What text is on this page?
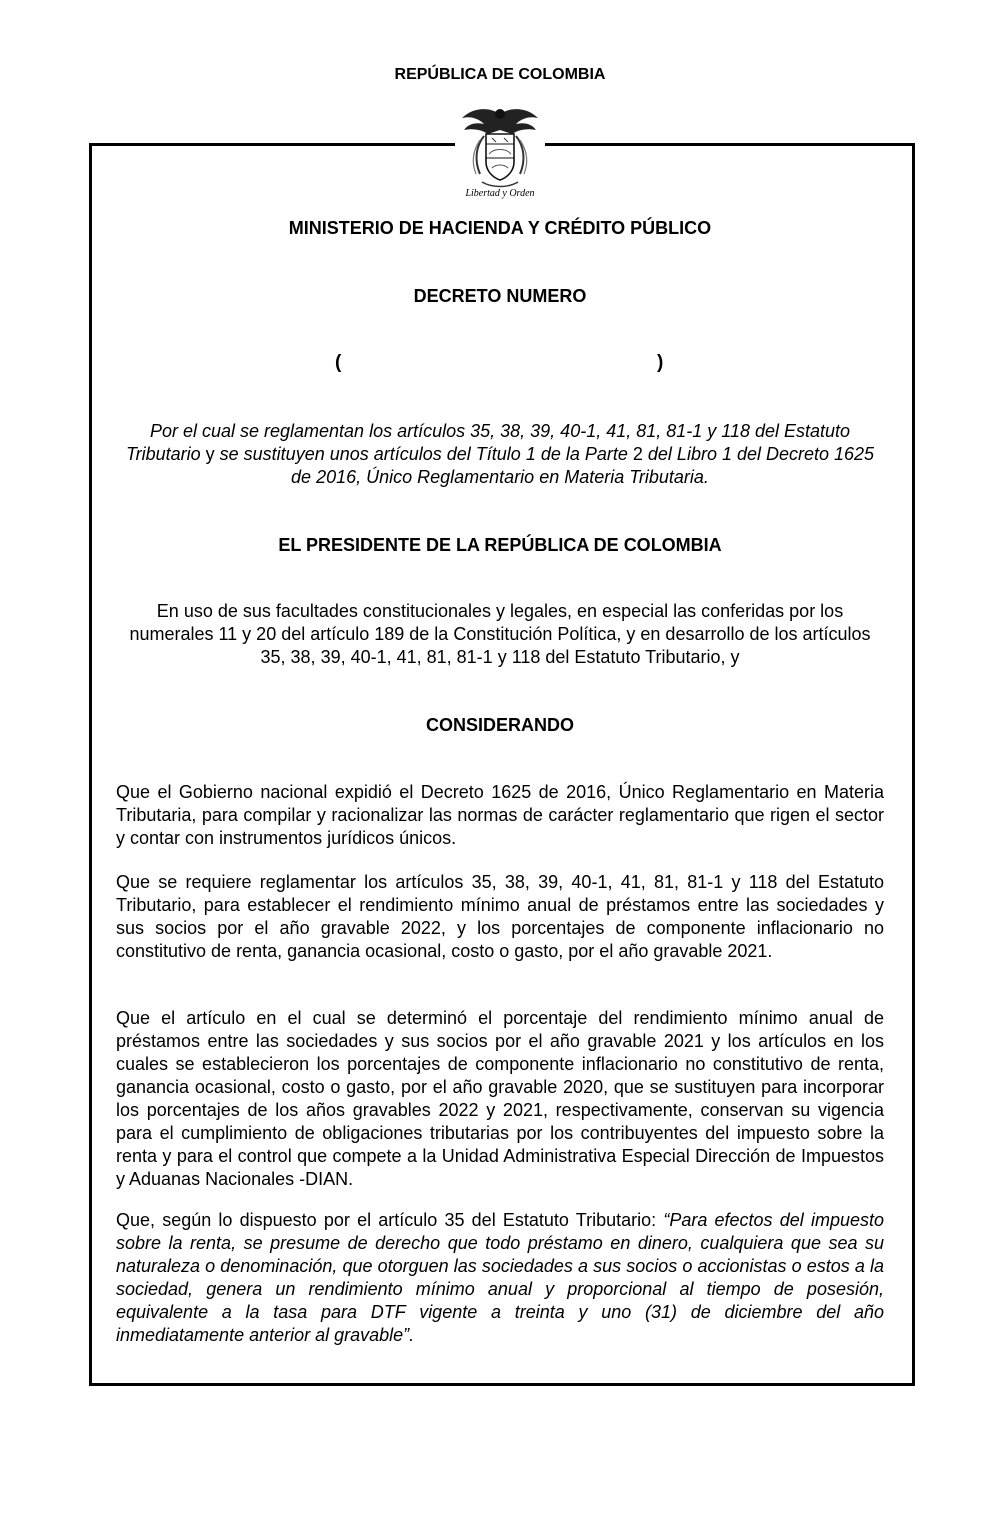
REPÚBLICA DE COLOMBIA
Libertad y Orden
MINISTERIO DE HACIENDA Y CRÉDITO PÚBLICO
DECRETO NUMERO
(	)
Por el cual se reglamentan los artículos 35, 38, 39, 40-1, 41, 81, 81-1 y 118 del Estatuto Tributario y se sustituyen unos artículos del Título 1 de la Parte 2 del Libro 1 del Decreto 1625 de 2016, Único Reglamentario en Materia Tributaria.
EL PRESIDENTE DE LA REPÚBLICA DE COLOMBIA
En uso de sus facultades constitucionales y legales, en especial las conferidas por los numerales 11 y 20 del artículo 189 de la Constitución Política, y en desarrollo de los artículos 35, 38, 39, 40-1, 41, 81, 81-1 y 118 del Estatuto Tributario, y
CONSIDERANDO

Que el Gobierno nacional expidió el Decreto 1625 de 2016, Único Reglamentario en Materia Tributaria, para compilar y racionalizar las normas de carácter reglamentario que rigen el sector y contar con instrumentos jurídicos únicos.

Que se requiere reglamentar los artículos 35, 38, 39, 40-1, 41, 81, 81-1 y 118 del Estatuto Tributario, para establecer el rendimiento mínimo anual de préstamos entre las sociedades y sus socios por el año gravable 2022, y los porcentajes de componente inflacionario no constitutivo de renta, ganancia ocasional, costo o gasto, por el año gravable 2021.

Que el artículo en el cual se determinó el porcentaje del rendimiento mínimo anual de préstamos entre las sociedades y sus socios por el año gravable 2021 y los artículos en los cuales se establecieron los porcentajes de componente inflacionario no constitutivo de renta, ganancia ocasional, costo o gasto, por el año gravable 2020, que se sustituyen para incorporar los porcentajes de los años gravables 2022 y 2021, respectivamente, conservan su vigencia para el cumplimiento de obligaciones tributarias por los contribuyentes del impuesto sobre la renta y para el control que compete a la Unidad Administrativa Especial Dirección de Impuestos y Aduanas Nacionales -DIAN.

Que, según lo dispuesto por el artículo 35 del Estatuto Tributario: “Para efectos del impuesto sobre la renta, se presume de derecho que todo préstamo en dinero, cualquiera que sea su naturaleza o denominación, que otorguen las sociedades a sus socios o accionistas o estos a la sociedad, genera un rendimiento mínimo anual y proporcional al tiempo de posesión, equivalente a la tasa para DTF vigente a treinta y uno (31) de diciembre del año inmediatamente anterior al gravable”.
